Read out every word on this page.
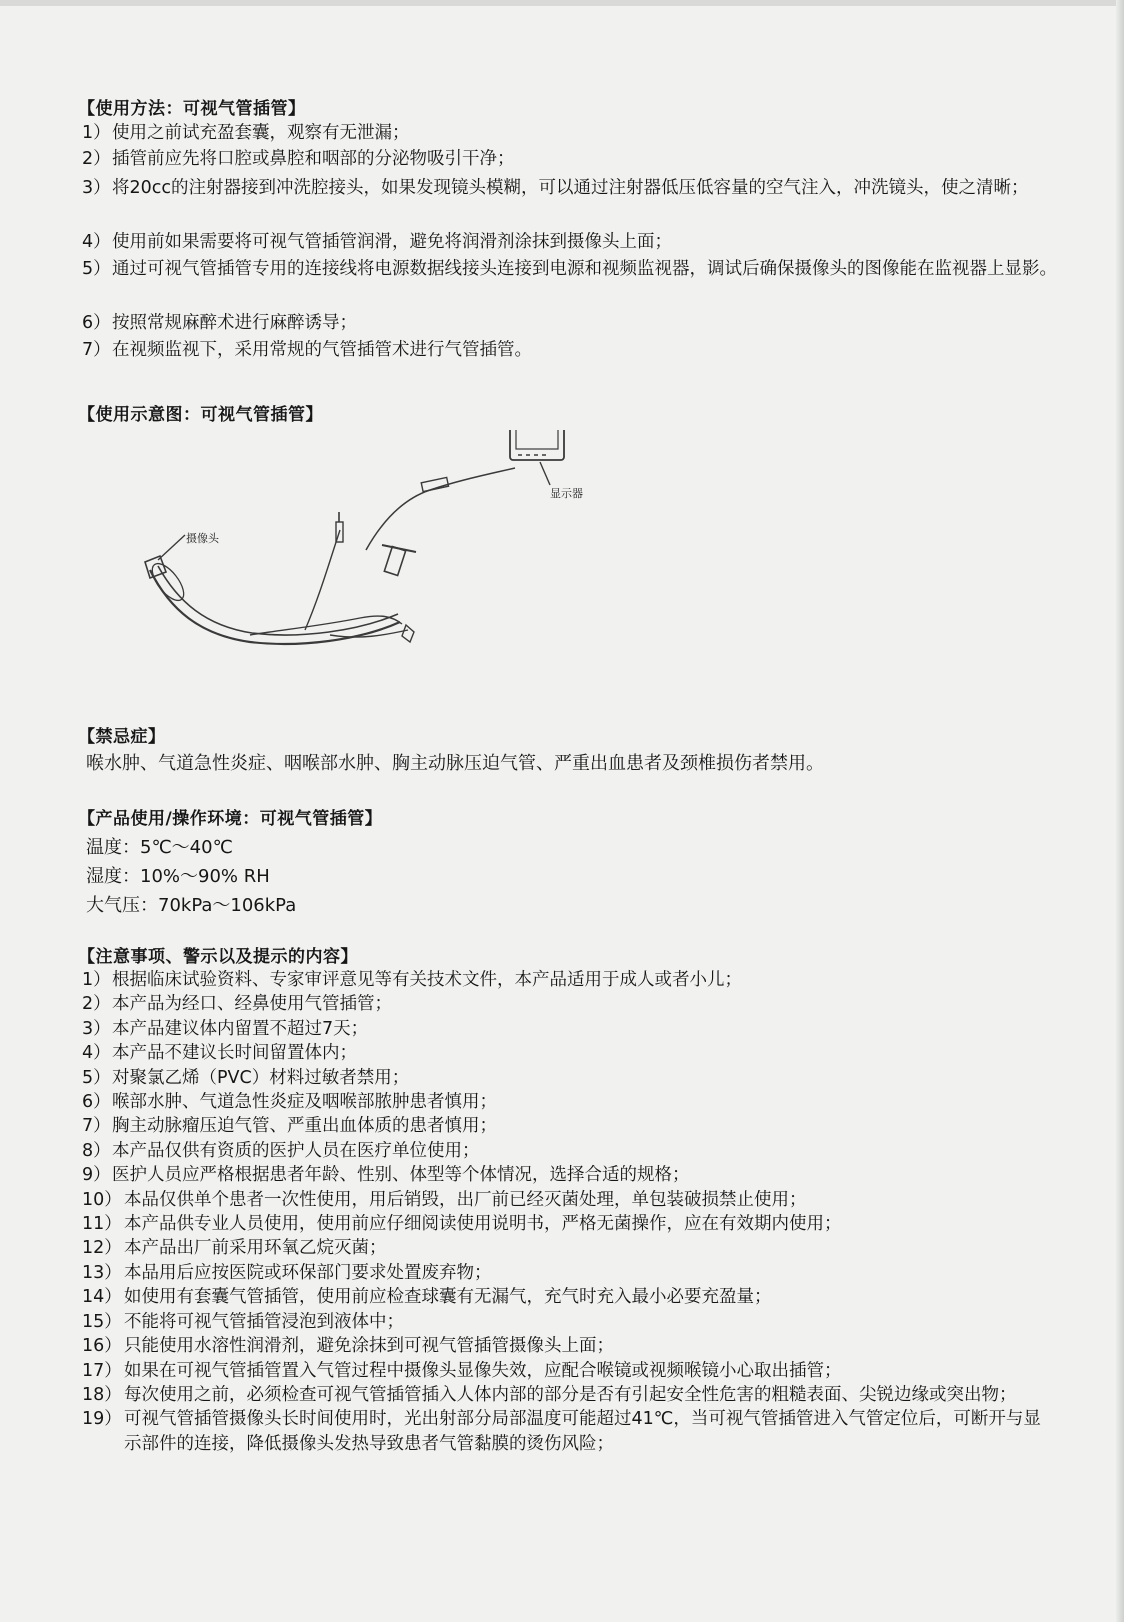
【使用方法：可视气管插管】
1） 使用之前试充盈套囊，观察有无泄漏；
2） 插管前应先将口腔或鼻腔和咽部的分泌物吸引干净；
3） 将20cc的注射器接到冲洗腔接头，如果发现镜头模糊，可以通过注射器低压低容量的空气注入，冲洗镜头，使之清晰；
4） 使用前如果需要将可视气管插管润滑，避免将润滑剂涂抹到摄像头上面；
5） 通过可视气管插管专用的连接线将电源数据线接头连接到电源和视频监视器，调试后确保摄像头的图像能在监视器上显影。
6） 按照常规麻醉术进行麻醉诱导；
7） 在视频监视下，采用常规的气管插管术进行气管插管。
【使用示意图：可视气管插管】
摄像头
显示器
【禁忌症】
喉水肿、气道急性炎症、咽喉部水肿、胸主动脉压迫气管、严重出血患者及颈椎损伤者禁用。
【产品使用/操作环境：可视气管插管】
温度：5℃～40℃
湿度：10%～90% RH
大气压：70kPa～106kPa
【注意事项、警示以及提示的内容】
1） 根据临床试验资料、专家审评意见等有关技术文件，本产品适用于成人或者小儿；
2） 本产品为经口、经鼻使用气管插管；
3） 本产品建议体内留置不超过7天；
4） 本产品不建议长时间留置体内；
5） 对聚氯乙烯（PVC）材料过敏者禁用；
6） 喉部水肿、气道急性炎症及咽喉部脓肿患者慎用；
7） 胸主动脉瘤压迫气管、严重出血体质的患者慎用；
8） 本产品仅供有资质的医护人员在医疗单位使用；
9） 医护人员应严格根据患者年龄、性别、体型等个体情况，选择合适的规格；
10） 本品仅供单个患者一次性使用，用后销毁，出厂前已经灭菌处理，单包装破损禁止使用；
11） 本产品供专业人员使用，使用前应仔细阅读使用说明书，严格无菌操作，应在有效期内使用；
12） 本产品出厂前采用环氧乙烷灭菌；
13） 本品用后应按医院或环保部门要求处置废弃物；
14） 如使用有套囊气管插管，使用前应检查球囊有无漏气，充气时充入最小必要充盈量；
15） 不能将可视气管插管浸泡到液体中；
16） 只能使用水溶性润滑剂，避免涂抹到可视气管插管摄像头上面；
17） 如果在可视气管插管置入气管过程中摄像头显像失效，应配合喉镜或视频喉镜小心取出插管；
18） 每次使用之前，必须检查可视气管插管插入人体内部的部分是否有引起安全性危害的粗糙表面、尖锐边缘或突出物；
19） 可视气管插管摄像头长时间使用时，光出射部分局部温度可能超过41℃，当可视气管插管进入气管定位后，可断开与显示部件的连接，降低摄像头发热导致患者气管黏膜的烫伤风险；
